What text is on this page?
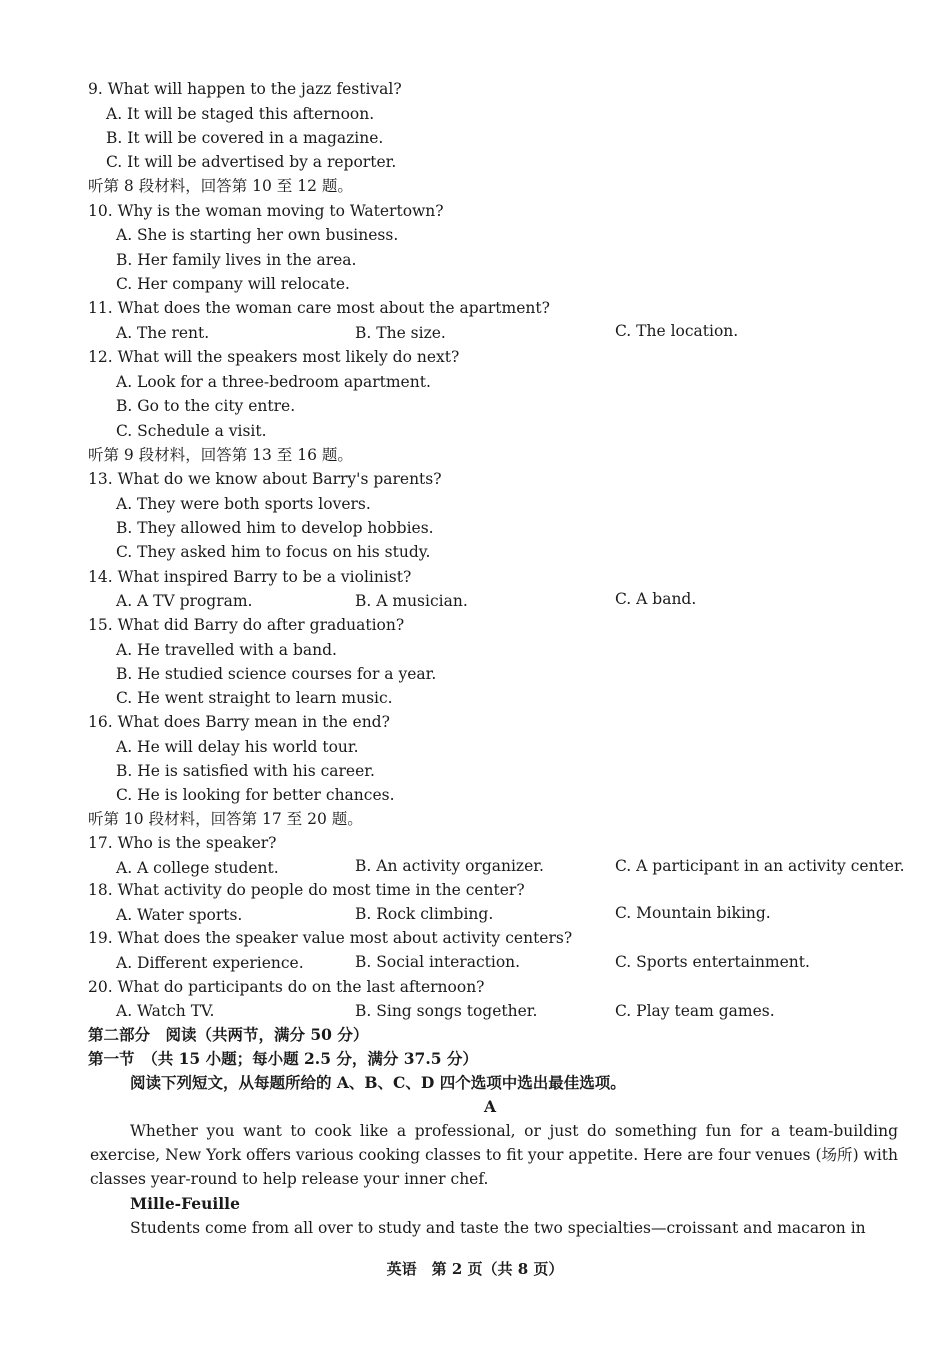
9. What will happen to the jazz festival?
A. It will be staged this afternoon.
B. It will be covered in a magazine.
C. It will be advertised by a reporter.
听第 8 段材料，回答第 10 至 12 题。
10. Why is the woman moving to Watertown?
A. She is starting her own business.
B. Her family lives in the area.
C. Her company will relocate.
11. What does the woman care most about the apartment?
A. The rent.	B. The size.	C. The location.
12. What will the speakers most likely do next?
A. Look for a three-bedroom apartment.
B. Go to the city entre.
C. Schedule a visit.
听第 9 段材料，回答第 13 至 16 题。
13. What do we know about Barry's parents?
A. They were both sports lovers.
B. They allowed him to develop hobbies.
C. They asked him to focus on his study.
14. What inspired Barry to be a violinist?
A. A TV program.	B. A musician.	C. A band.
15. What did Barry do after graduation?
A. He travelled with a band.
B. He studied science courses for a year.
C. He went straight to learn music.
16. What does Barry mean in the end?
A. He will delay his world tour.
B. He is satisfied with his career.
C. He is looking for better chances.
听第 10 段材料，回答第 17 至 20 题。
17. Who is the speaker?
A. A college student.	B. An activity organizer.	C. A participant in an activity center.
18. What activity do people do most time in the center?
A. Water sports.	B. Rock climbing.	C. Mountain biking.
19. What does the speaker value most about activity centers?
A. Different experience.	B. Social interaction.	C. Sports entertainment.
20. What do participants do on the last afternoon?
A. Watch TV.	B. Sing songs together.	C. Play team games.
第二部分　阅读（共两节，满分 50 分）
第一节　（共 15 小题；每小题 2.5 分，满分 37.5 分）
阅读下列短文，从每题所给的 A、B、C、D 四个选项中选出最佳选项。
A
Whether you want to cook like a professional, or just do something fun for a team-building exercise, New York offers various cooking classes to fit your appetite. Here are four venues (场所) with classes year-round to help release your inner chef.
Mille-Feuille
Students come from all over to study and taste the two specialties—croissant and macaron in
英语　第 2 页（共 8 页）
